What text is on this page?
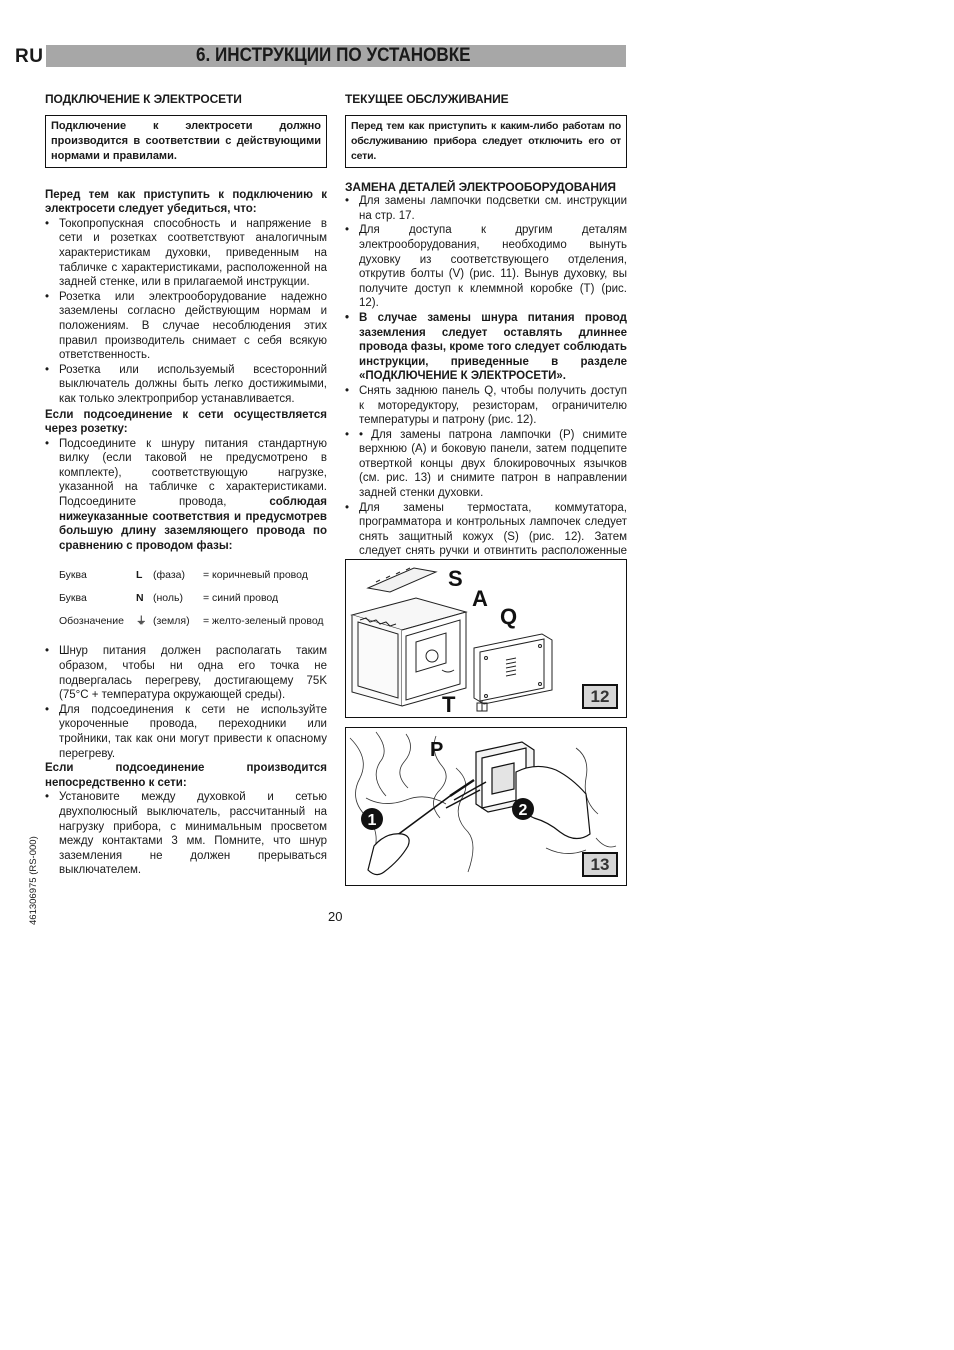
RU	6. ИНСТРУКЦИИ ПО УСТАНОВКЕ
ПОДКЛЮЧЕНИЕ К ЭЛЕКТРОСЕТИ
Подключение к электросети должно производится в соответствии с действующими нормами и правилами.

Перед тем как приступить к подключению к электросети следует убедиться, что:

• Токопропускная способность и напряжение в сети и розетках соответствуют аналогичным характеристикам духовки, приведенным на табличке с характеристиками, расположенной на задней стенке, или в прилагаемой инструкции.
• Розетка или электрооборудование надежно заземлены согласно действующим нормам и положениям. В случае несоблюдения этих правил производитель снимает с себя всякую ответственность.
• Розетка или используемый всесторонний выключатель должны быть легко достижимыми, как только электроприбор устанавливается.

Если подсоединение к сети осуществляется через розетку:

• Подсоедините к шнуру питания стандартную вилку (если таковой не предусмотрено в комплекте), соответствующую нагрузке, указанной на табличке с характеристиками. Подсоедините провода, соблюдая нижеуказанные соответствия и предусмотрев большую длину заземляющего провода по сравнению с проводом фазы:
Буква	L	(фаза)	= коричневый провод
Буква	N (ноль)	= синий провод
Обозначение	⏚ (земля)	= желто-зеленый провод
• Шнур питания должен располагать таким образом, чтобы ни одна его точка не подвергалась перегреву, достигающему 75K (75°C + температура окружающей среды).
• Для подсоединения к сети не используйте укороченные провода, переходники или тройники, так как они могут привести к опасному перегреву.

Если подсоединение производится непосредственно к сети:

• Установите между духовкой и сетью двухполюсный выключатель, рассчитанный на нагрузку прибора, с минимальным просветом между контактами 3 мм. Помните, что шнур заземления не должен прерываться выключателем.
ТЕКУЩЕЕ ОБСЛУЖИВАНИЕ
Перед тем как приступить к каким-либо работам по обслуживанию прибора следует отключить его от сети.
ЗАМЕНА ДЕТАЛЕЙ ЭЛЕКТРООБОРУДОВАНИЯ
• Для замены лампочки подсветки см. инструкции на стр. 17.
• Для доступа к другим деталям электрооборудования, необходимо вынуть духовку из соответствующего отделения, открутив болты (V) (рис. 11). Вынув духовку, вы получите доступ к клеммной коробке (T) (рис. 12).
• В случае замены шнура питания провод заземления следует оставлять длиннее провода фазы, кроме того следует соблюдать инструкции, приведенные в разделе «ПОДКЛЮЧЕНИЕ К ЭЛЕКТРОСЕТИ».
• Снять заднюю панель Q, чтобы получить доступ к моторедуктору, резисторам, ограничителю температуры и патрону (рис. 12).
• • Для замены патрона лампочки (P) снимите верхнюю (A) и боковую панели, затем подцепите отверткой концы двух блокировочных язычков (см. рис. 13) и снимите патрон в направлении задней стенки духовки.
• Для замены термостата, коммутатора, программатора и контрольных лампочек следует снять защитный кожух (S) (рис. 12). Затем следует снять ручки и отвинтить расположенные
S
A
Q
T	12
P
1
2
13
20
461306975 (RS-000)
